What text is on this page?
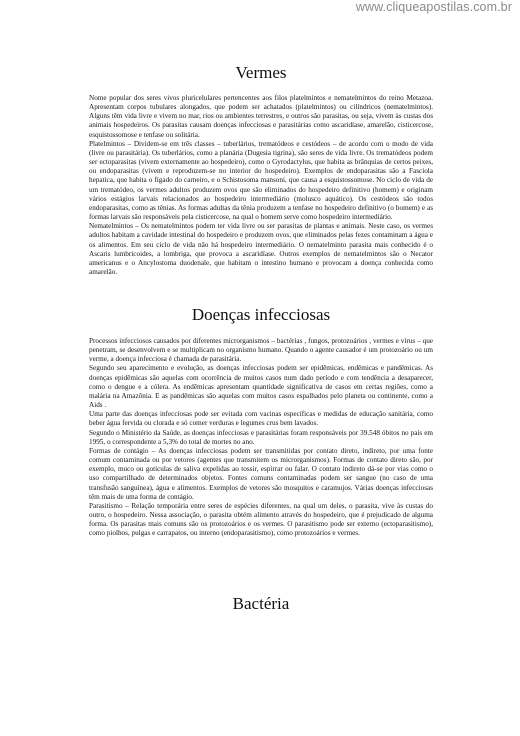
www.cliqueapostilas.com.br
Vermes

Nome popular dos seres vivos pluricelulares pertencentes aos filos platelmintos e nematelmintos do reino Metazoa. Apresentam corpos tubulares alongados, que podem ser achatados (platelmintos) ou cilíndricos (nematelmintos). Alguns têm vida livre e vivem no mar, rios ou ambientes terrestres, e outros são parasitas, ou seja, vivem às custas dos animais hospedeiros. Os parasitas causam doenças infecciosas e parasitárias como ascaridíase, amarelão, cisticercose, esquistossomose e tenfase ou solitária.

Platelmintos – Dividem-se em três classes – tuberlários, trematódeos e cestódeos – de acordo com o modo de vida (livre ou parasitária). Os tuberlários, como a planária (Dugesia tigrina), são seres de vida livre. Os trematódeos podem ser ectoparasitas (vivem externamente ao hospedeiro), como o Gyrodactylus, que habita as brânquias de certos peixes, ou endoparasitas (vivem e reproduzem-se no interior do hospedeiro). Exemplos de endoparasitas são a Fasciola hepatica, que habita o fígado do carneiro, e o Schistosoma mansoni, que causa a esquistossomose. No ciclo de vida de um trematódeo, os vermes adultos produzem ovos que são eliminados do hospedeiro definitivo (homem) e originam vários estágios larvais relacionados ao hospedeiro intermediário (molusco aquático). Os cestódeos são todos endoparasitas, como as tênias. As formas adultas da tênia produzem a tenfase no hospedeiro definitivo (o homem) e as formas larvais são responsáveis pela cisticercose, na qual o homem serve como hospedeiro intermediário.

Nematelmintos – Os nematelmintos podem ter vida livre ou ser parasitas de plantas e animais. Neste caso, os vermes adultos habitam a cavidade intestinal do hospedeiro e produzem ovos, que eliminados pelas fezes contaminam a água e os alimentos. Em seu ciclo de vida não há hospedeiro intermediário. O nematelminto parasita mais conhecido é o Ascaris lumbricoides, a lombriga, que provoca a ascaridíase. Outros exemplos de nematelmintos são o Necator americanus e o Ancylostoma duodenale, que habitam o intestino humano e provocam a doença conhecida como amarelão.

Doenças infecciosas

Processos infecciosos causados por diferentes microrganismos – bactérias , fungos, protozoários , vermes e vírus – que penetram, se desenvolvem e se multiplicam no organismo humano. Quando o agente causador é um protozoário ou um verme, a doença infecciosa é chamada de parasitária.

Segundo seu aparecimento e evolução, as doenças infecciosas podem ser epidêmicas, endêmicas e pandêmicas. As doenças epidêmicas são aquelas com ocorrência de muitos casos num dado período e com tendência a desaparecer, como o dengue e a cólera. As endêmicas apresentam quantidade significativa de casos em certas regiões, como a malária na Amazônia. E as pandêmicas são aquelas com muitos casos espalhados pelo planeta ou continente, como a Aids .

Uma parte das doenças infecciosas pode ser evitada com vacinas específicas e medidas de educação sanitária, como beber água fervida ou clorada e só comer verduras e legumes crus bem lavados.

Segundo o Ministério da Saúde, as doenças infecciosas e parasitárias foram responsáveis por 39.548 óbitos no país em 1995, o correspondente a 5,3% do total de mortes no ano.

Formas de contágio – As doenças infecciosas podem ser transmitidas por contato direto, indireto, por uma fonte comum contaminada ou por vetores (agentes que transmitem os microrganismos). Formas de contato direto são, por exemplo, muco ou gotículas de saliva expelidas ao tossir, espirrar ou falar. O contato indireto dá-se por vias como o uso compartilhado de determinados objetos. Fontes comuns contaminadas podem ser sangue (no caso de uma transfusão sanguínea), água e alimentos. Exemplos de vetores são mosquitos e caramujos. Várias doenças infecciosas têm mais de uma forma de contágio.

Parasitismo – Relação temporária entre seres de espécies diferentes, na qual um deles, o parasita, vive às custas do outro, o hospedeiro. Nessa associação, o parasita obtém alimento através do hospedeiro, que é prejudicado de alguma forma. Os parasitas mais comuns são os protozoários e os vermes. O parasitismo pode ser externo (ectoparasitismo), como piolhos, pulgas e carrapatos, ou interno (endoparasitismo), como protozoários e vermes.

Bactéria
